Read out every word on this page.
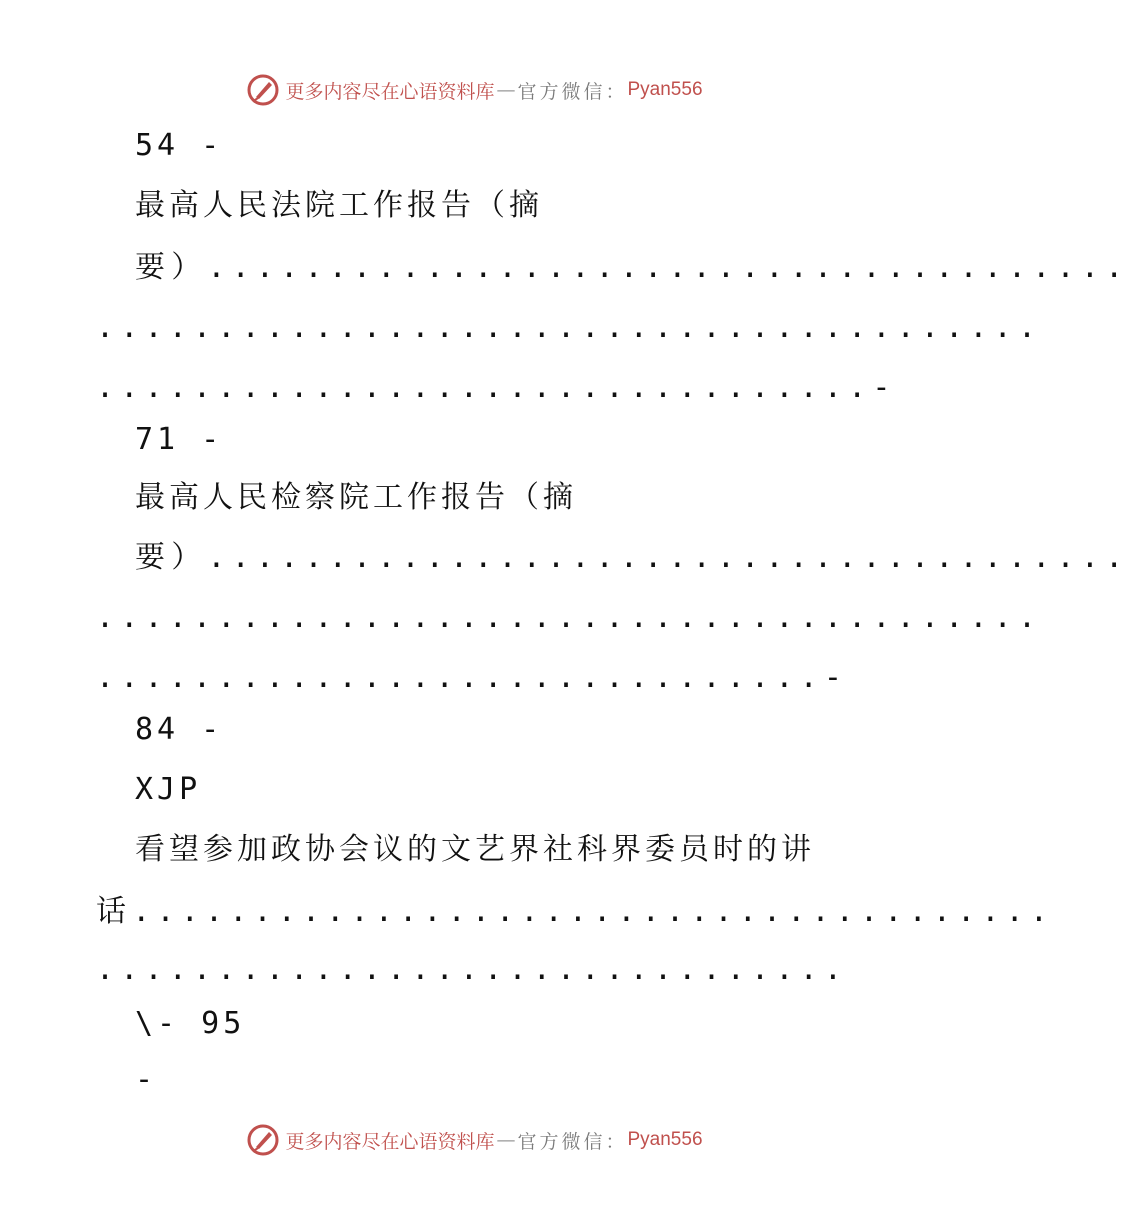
更多内容尽在心语资料库 — 官方微信： Pyan556
54 -
最高人民法院工作报告（摘
要）......................................
.......................................
................................-
71 -
最高人民检察院工作报告（摘
要）......................................
.......................................
..............................-
84 -
XJP
看望参加政协会议的文艺界社科界委员时的讲
话......................................
...............................
\- 95
-
更多内容尽在心语资料库 — 官方微信： Pyan556
